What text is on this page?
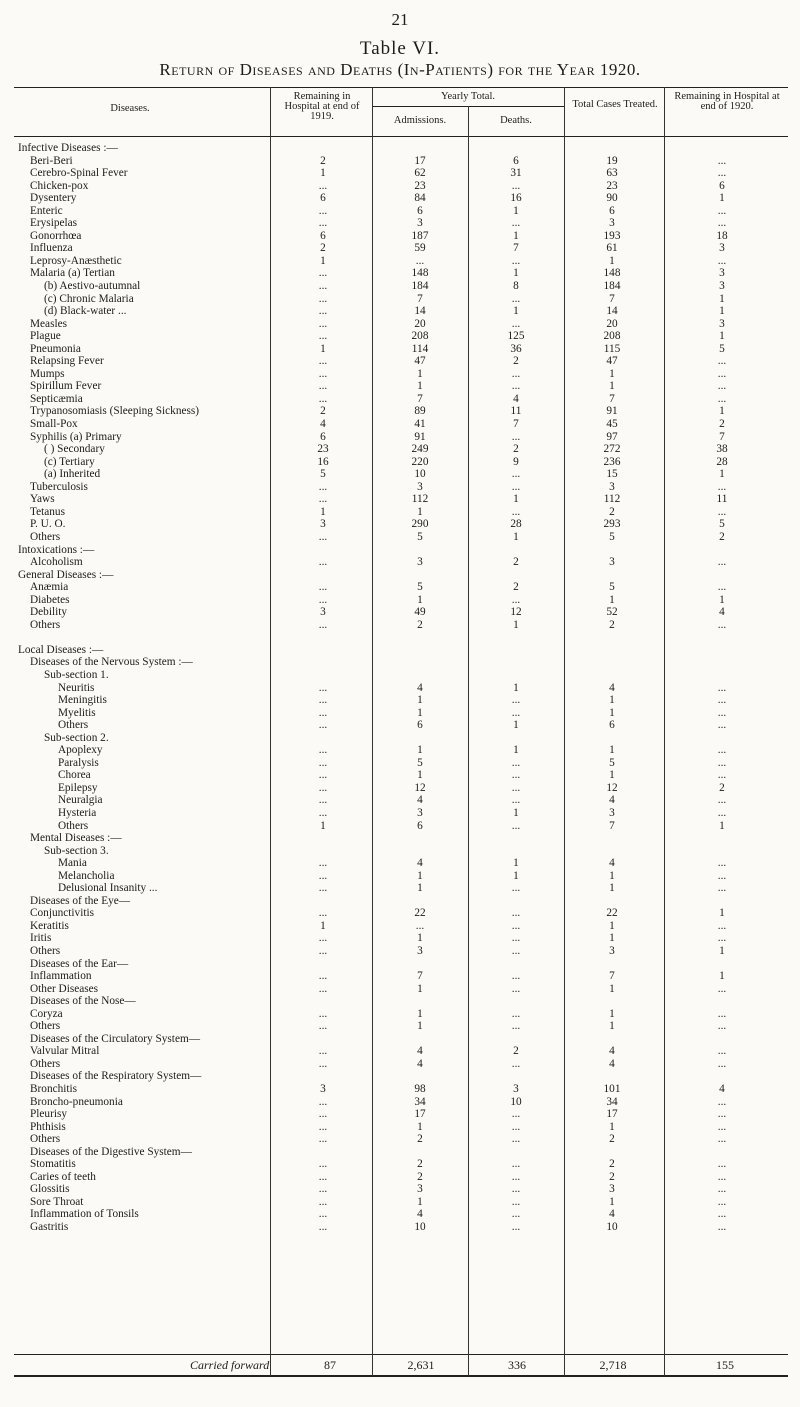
21
Table VI.
Return of Diseases and Deaths (In-Patients) for the Year 1920.
Diseases.
Remaining in Hospital at end of 1919.
Yearly Total.
Admissions.	Deaths.
Total Cases Treated.
Remaining in Hospital at end of 1920.
Infective Diseases :—
Beri-Beri	2	17	6	19	...
Cerebro-Spinal Fever	1	62	31	63	...
Chicken-pox	...	23	...	23	6
Dysentery	6	84	16	90	1
Enteric	...	6	1	6	...
Erysipelas	...	3	...	3	...
Gonorrhœa	6	187	1	193	18
Influenza	2	59	7	61	3
Leprosy-Anæsthetic	1	...	...	1	...
Malaria (a) Tertian	...	148	1	148	3
(b) Aestivo-autumnal	...	184	8	184	3
(c) Chronic Malaria	...	7	...	7	1
(d) Black-water ...	...	14	1	14	1
Measles	...	20	...	20	3
Plague	...	208	125	208	1
Pneumonia	1	114	36	115	5
Relapsing Fever	...	47	2	47	...
Mumps	...	1	...	1	...
Spirillum Fever	...	1	...	1	...
Septicæmia	...	7	4	7	...
Trypanosomiasis (Sleeping Sickness)	2	89	11	91	1
Small-Pox	4	41	7	45	2
Syphilis (a) Primary	6	91	...	97	7
( ) Secondary	23	249	2	272	38
(c) Tertiary	16	220	9	236	28
(a) Inherited	5	10	...	15	1
Tuberculosis	...	3	...	3	...
Yaws	...	112	1	112	11
Tetanus	1	1	...	2	...
P. U. O.	3	290	28	293	5
Others	...	5	1	5	2
Intoxications :—
Alcoholism	...	3	2	3	...
General Diseases :—
Anæmia	...	5	2	5	...
Diabetes	...	1	...	1	1
Debility	3	49	12	52	4
Others	...	2	1	2	...
Local Diseases :—
Diseases of the Nervous System :—
Sub-section 1.
Neuritis	...	4	1	4	...
Meningitis	...	1	...	1	...
Myelitis	...	1	...	1	...
Others	...	6	1	6	...
Sub-section 2.
Apoplexy	...	1	1	1	...
Paralysis	...	5	...	5	...
Chorea	...	1	...	1	...
Epilepsy	...	12	...	12	2
Neuralgia	...	4	...	4	...
Hysteria	...	3	1	3	...
Others	1	6	...	7	1
Mental Diseases :—
Sub-section 3.
Mania	...	4	1	4	...
Melancholia	...	1	1	1	...
Delusional Insanity ...	...	1	...	1	...
Diseases of the Eye—
Conjunctivitis	...	22	...	22	1
Keratitis	1	...	...	1	...
Iritis	...	1	...	1	...
Others	...	3	...	3	1
Diseases of the Ear—
Inflammation	...	7	...	7	1
Other Diseases	...	1	...	1	...
Diseases of the Nose—
Coryza	...	1	...	1	...
Others	...	1	...	1	...
Diseases of the Circulatory System—
Valvular Mitral	...	4	2	4	...
Others	...	4	...	4	...
Diseases of the Respiratory System—
Bronchitis	3	98	3	101	4
Broncho-pneumonia	...	34	10	34	...
Pleurisy	...	17	...	17	...
Phthisis	...	1	...	1	...
Others	...	2	...	2	...
Diseases of the Digestive System—
Stomatitis	...	2	...	2	...
Caries of teeth	...	2	...	2	...
Glossitis	...	3	...	3	...
Sore Throat	...	1	...	1	...
Inflammation of Tonsils	...	4	...	4	...
Gastritis	...	10	...	10	...
Carried forward	87	2,631	336	2,718	155
